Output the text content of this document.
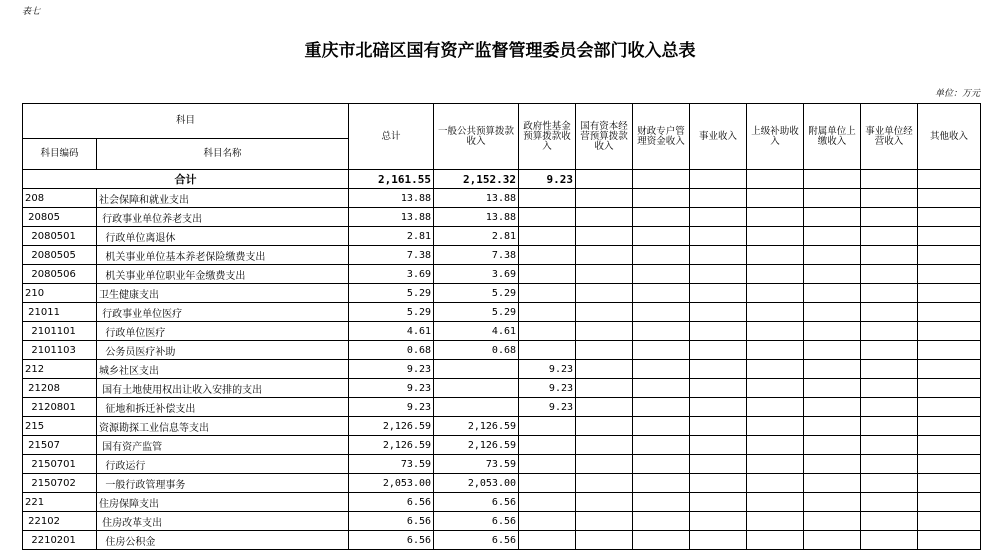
表七
重庆市北碚区国有资产监督管理委员会部门收入总表
单位：万元
科目		总计	一般公共预算拨款收入	政府性基金预算拨款收入	国有资本经营预算拨款收入	财政专户管理资金收入	事业收入	上级补助收入	附属单位上缴收入	事业单位经营收入	其他收入
科目编码	科目名称										
合计		2,161.55	2,152.32	9.23							
208	社会保障和就业支出	13.88	13.88								
20805	行政事业单位养老支出	13.88	13.88								
2080501	行政单位离退休	2.81	2.81								
2080505	机关事业单位基本养老保险缴费支出	7.38	7.38								
2080506	机关事业单位职业年金缴费支出	3.69	3.69								
210	卫生健康支出	5.29	5.29								
21011	行政事业单位医疗	5.29	5.29								
2101101	行政单位医疗	4.61	4.61								
2101103	公务员医疗补助	0.68	0.68								
212	城乡社区支出	9.23		9.23							
21208	国有土地使用权出让收入安排的支出	9.23		9.23							
2120801	征地和拆迁补偿支出	9.23		9.23							
215	资源勘探工业信息等支出	2,126.59	2,126.59								
21507	国有资产监管	2,126.59	2,126.59								
2150701	行政运行	73.59	73.59								
2150702	一般行政管理事务	2,053.00	2,053.00								
221	住房保障支出	6.56	6.56								
22102	住房改革支出	6.56	6.56								
2210201	住房公积金	6.56	6.56								
